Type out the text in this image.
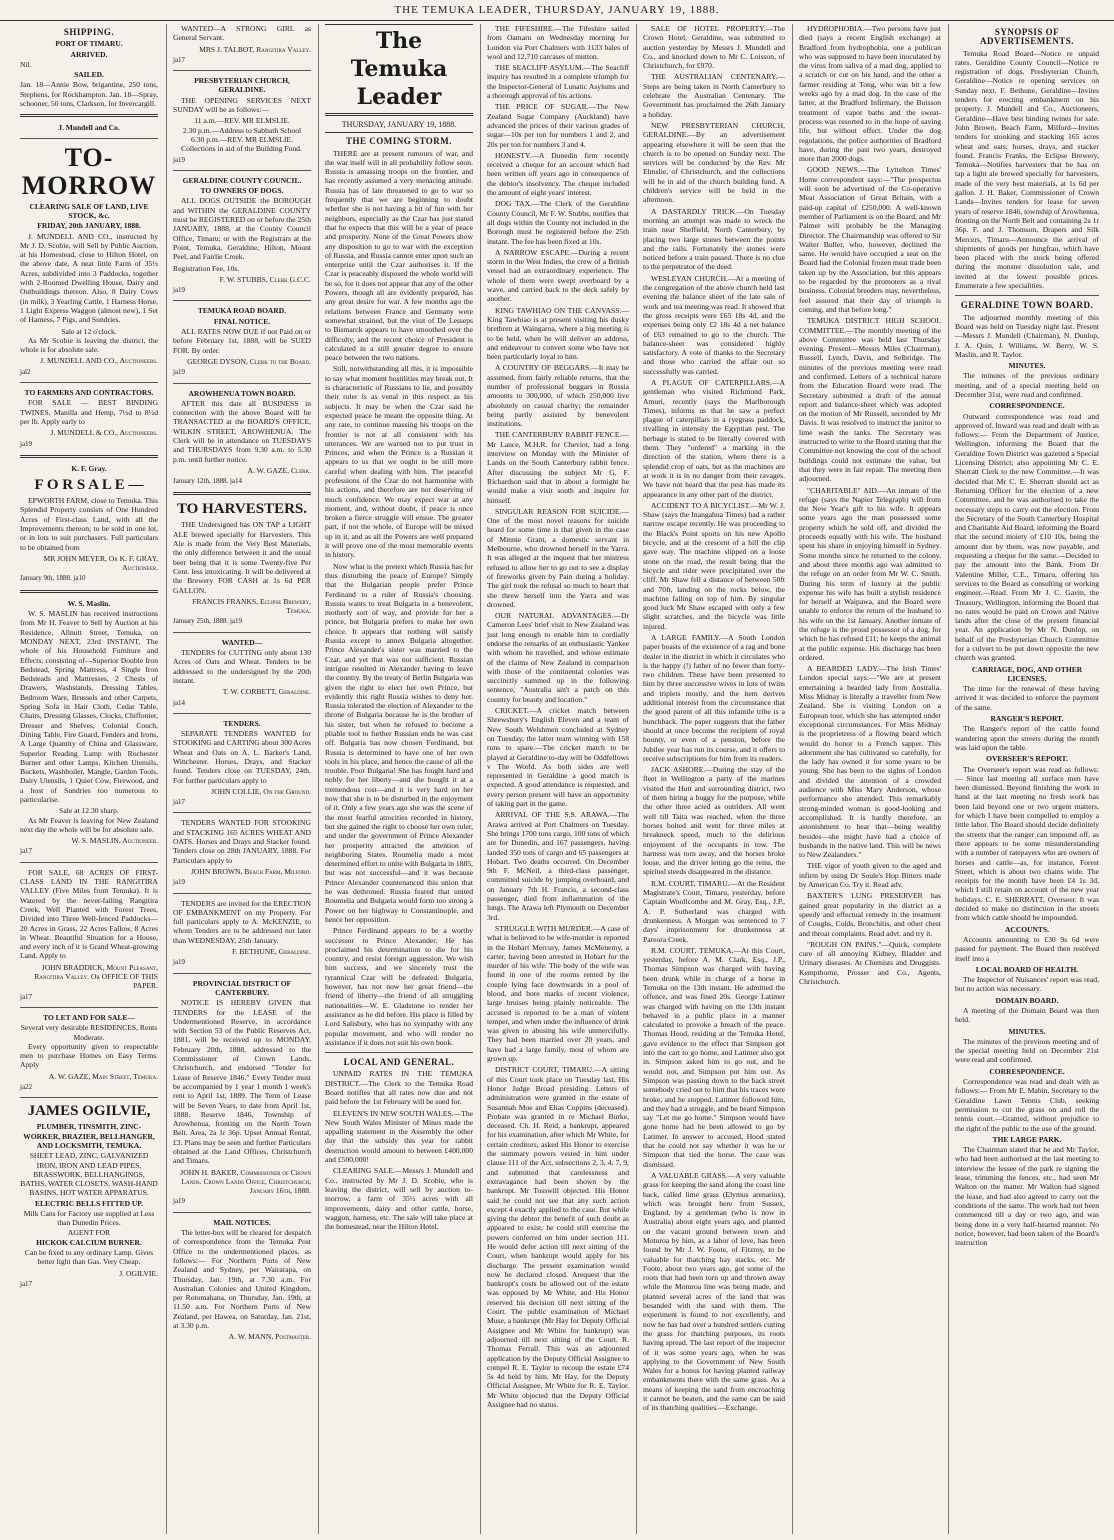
THE TEMUKA LEADER, THURSDAY, JANUARY 19, 1888.
SHIPPING.
PORT OF TIMARU.
ARRIVED.
Nil.
SAILED.
Jan. 18—Annie Bow, brigantine, 250 tons, Stephens, for Rockhampton. Jan. 18—Spray, schooner, 50 tons, Clarkson, for Invercargill.
J. Mundell and Co.
TO-MORROW
CLEARING SALE OF LAND, LIVE STOCK, &c.
FRIDAY, 20th JANUARY, 1888.

J. MUNDELL AND CO., instructed by Mr J. D. Scobie, will Sell by Public Auction, at his Homestead, close to Hilton Hotel, on the above date, A neat little Farm of 35½ Acres, subdivided into 3 Paddocks, together with 2-Roomed Dwelling House, Dairy and Outbuildings thereon. Also, 8 Dairy Cows (in milk), 3 Yearling Cattle, 1 Harness Horse, 1 Light Express Waggon (almost new), 1 Set of Harness, 7 Pigs, and Sundries.

Sale at 12 o'clock.

As Mr Scobie is leaving the district, the whole is for absolute sale.

J. MUNDELL AND CO., Auctioneers.
jal2
TO FARMERS AND CONTRACTORS.

FOR SALE — BEST BINDING TWINES, Manilla and Hemp, 7½d to 8½d per lb. Apply early to

J. MUNDELL & CO., Auctioneers.
ja19
K. F. Gray.
F O R S A L E —

EPWORTH FARM, close to Temuka. This Splendid Property consists of One Hundred Acres of First-class Land, with all the Improvements thereon; to be sold in one lot, or in lots to suit purchasers. Full particulars to be obtained from

MR JOHN MEYER, Or K. F. GRAY, Auctioneer.
January 9th, 1888. ja10
W. S. Maslin.

W. S. MASLIN has received instructions from Mr H. Feaver to Sell by Auction at his Residence, Allnutt Street, Temuka, on MONDAY NEXT, 23rd INSTANT, The whole of his Household Furniture and Effects, consisting of—Superior Double Iron Bedstead, Spring Mattress, 4 Single Iron Bedsteads and Mattresses, 2 Chests of Drawers, Washstands, Dressing Tables, Bedroom Ware, Brussels and other Carpets, Spring Sofa in Hair Cloth, Cedar Table, Chairs, Dressing Glasses, Clocks, Chiffonier, Dresser and Shelves, Colonial Couch, Dining Table, Fire Guard, Fenders and Irons, A Large Quantity of China and Glassware, Superior Reading Lamp with Rochester Burner and other Lamps, Kitchen Utensils, Buckets, Washboiler, Mangle, Garden Tools, Dairy Utensils, 1 Quiet Cow, Firewood, and a host of Sundries too numerous to particularise.

Sale at 12.30 sharp.

As Mr Feaver is leaving for New Zealand next day the whole will be for absolute sale.

W. S. MASLIN, Auctioneer.
ja17

FOR SALE, 68 ACRES OF FIRST-CLASS LAND IN THE RANGITIRA VALLEY (Five Miles from Temuka). It is Watered by the never-failing Rangitira Creek, Well Planted with Forest Trees, Divided into Three Well-fenced Paddocks—20 Acres in Grass, 22 Acres Fallow, 8 Acres in Wheat. Beautiful Situation for a House, and every inch of it is Grand Wheat-growing Land. Apply to

JOHN BRADDICK, Mount Pleasant, Rangitira Valley. Or OFFICE OF THIS PAPER.
ja17
TO LET AND FOR SALE—
Several very desirable RESIDENCES, Rents Moderate.

Every opportunity given to respectable men to purchase Homes on Easy Terms. Apply

A. W. GAZE, Main Street, Temuka.
ja22
JAMES OGILVIE,
PLUMBER, TINSMITH, ZINC-WORKER, BRAZIER, BELLHANGER, AND LOCKSMITH, TEMUKA.
SHEET LEAD, ZINC, GALVANIZED IRON, IRON AND LEAD PIPES, BRASSWORK, BELLHANGINGS, BATHS, WATER CLOSETS, WASH-HAND BASINS, HOT WATER APPARATUS.
ELECTRIC BELLS FITTED UP.
Milk Cans for Factory use supplied at Less than Dunedin Prices.
AGENT FOR
HICKOK CALCIUM BURNER.
Can be fixed to any ordinary Lamp. Gives better light than Gas. Very Cheap.
J. OGILVIE.
ja17

WANTED—A STRONG GIRL as General Servant.

MRS J. TALBOT, Rangitira Valley.
ja17
PRESBYTERIAN CHURCH, GERALDINE.

THE OPENING SERVICES NEXT SUNDAY will be as follows:—

11 a.m.—REV. MR ELMSLIE.
2.30 p.m.—Address to Sabbath School
6.30 p.m.—REV. MR ELMSLIE.

Collections in aid of the Building Fund.

ja19
GERALDINE COUNTY COUNCIL.
TO OWNERS OF DOGS.

ALL DOGS OUTSIDE the BOROUGH and WITHIN the GERALDINE COUNTY must be REGISTERED on or before the 25th JANUARY, 1888, at the County Council Office, Timaru; or with the Registrars at the Point, Temuka, Geraldine, Hilton, Mount Peel, and Fairlie Creek.

Registration Fee, 10s.
F. W. STUBBS, Clerk G.C.C.
ja19
TEMUKA ROAD BOARD.
FINAL NOTICE.

ALL RATES NOW DUE if not Paid on or before February 1st, 1888, will be SUED FOR. By order.

GEORGE DYSON, Clerk to the Board.
ja19
AROWHENUA TOWN BOARD.

AFTER this date all BUSINESS in connection with the above Board will be TRANSACTED at the BOARD'S OFFICE, WILKIN STREET, AROWHENUA. The Clerk will be in attendance on TUESDAYS and THURSDAYS from 9.30 a.m. to 5.30 p.m. until further notice.

A. W. GAZE, Clerk.
January 12th, 1888. ja14
TO HARVESTERS.

THE Undersigned has ON TAP a LIGHT ALE brewed specially for Harvesters. This Ale is made from the Very Best Materials, the only difference between it and the usual beer being that it is some Twenty-five Per Cent. less intoxicating. It will be delivered at the Brewery FOR CASH at 1s 6d PER GALLON.

FRANCIS FRANKS, Eclipse Brewery, Temuka.
January 25th, 1888. ja19
WANTED—

TENDERS for CUTTING only about 130 Acres of Oats and Wheat. Tenders to be addressed to the undersigned by the 20th instant.

T. W. CORBETT, Geraldine.
ja14
TENDERS.

SEPARATE TENDERS WANTED for STOOKING and CARTING about 300 Acres Wheat and Oats on A. L. Barker's Land, Winchester. Horses, Drays, and Stacker found. Tenders close on TUESDAY, 24th. For further particulars apply to

JOHN COLLIE, On the Ground.
ja17

TENDERS WANTED FOR STOOKING and STACKING 165 ACRES WHEAT AND OATS. Horses and Drays and Stacker found. Tenders close on 28th JANUARY, 1888. For Particulars apply to

JOHN BROWN, Beach Farm, Milford.
ja19

TENDERS are invited for the ERECTION OF EMBANKMENT on my Property. For full particulars apply to A. McKENZIE, to whom Tenders are to be addressed not later than WEDNESDAY, 25th January.

F. BETHUNE, Geraldine.
ja19
PROVINCIAL DISTRICT OF CANTERBURY.

NOTICE IS HEREBY GIVEN that TENDERS for the LEASE of the Undermentioned Reserve, in accordance with Section 53 of the Public Reserves Act, 1881, will be received up to MONDAY, February 20th, 1888, addressed to the Commissioner of Crown Lands, Christchurch, and endorsed "Tender for Lease of Reserve 1846." Every Tender must be accompanied by 1 year 1 month 1 week's rent to April 1st, 1889. The Term of Lease will be Seven Years, to date from April 1st, 1888. Reserve 1846, Township of Arowhenua, fronting on the North Town Belt. Area, 2a 1r 36p. Upset Annual Rental, £3. Plans may be seen and further Particulars obtained at the Land Offices, Christchurch and Timaru.

JOHN H. BAKER, Commissioner of Crown Lands. Crown Lands Office, Christchurch, January 16th, 1888.
ja19
MAIL NOTICES.

The letter-box will be cleared for despatch of correspondence from the Temuka Post Office to the undermentioned places, as follows:— For Northern Ports of New Zealand and Sydney, per Wairarapa, on Thursday, Jan. 19th, at 7.30 a.m. For Australian Colonies and United Kingdom, per Rotomahana, on Thursday, Jan. 19th, at 11.50 a.m. For Northern Ports of New Zealand, per Hawea, on Saturday, Jan. 21st, at 3.30 p.m.

A. W. MANN, Postmaster.
The Temuka Leader
THURSDAY, JANUARY 19, 1888.
THE COMING STORM.

THERE are at present rumours of war, and the war itself will in all probability follow soon. Russia is amassing troops on the frontier, and has recently assumed a very menacing attitude. Russia has of late threatened to go to war so frequently that we are beginning to doubt whether she is not having a bit of fun with her neighbors, especially as the Czar has just stated that he expects that this will be a year of peace and prosperity. None of the Great Powers show any disposition to go to war with the exception of Russia, and Russia cannot enter upon such an enterprise until the Czar authorises it. If the Czar is peaceably disposed the whole world will be so, for it does not appear that any of the other Powers, though all are evidently prepared, has any great desire for war. A few months ago the relations between France and Germany were somewhat strained, but the visit of De Lesseps to Bismarck appears to have smoothed over the difficulty, and the recent choice of President is calculated in a still greater degree to ensure peace between the two nations.

Still, notwithstanding all this, it is impossible to say what moment hostilities may break out. It is characteristic of Russians to lie, and possibly their ruler is as venal in this respect as his subjects. It may be when the Czar said he expected peace he meant the opposite thing. At any rate, to continue massing his troops on the frontier is not at all consistent with his utterances. We are warned not to put trust in Princes, and when the Prince is a Russian it appears to us that we ought to be still more careful when dealing with him. The peaceful professions of the Czar do not harmonise with his actions, and therefore are not deserving of much confidence. We may expect war at any moment, and, without doubt, if peace is once broken a fierce struggle will ensue. The greater part, if not the whole, of Europe will be mixed up in it, and as all the Powers are well prepared it will prove one of the most memorable events in history.

Now what is the pretext which Russia has for thus disturbing the peace of Europe? Simply that the Bulgarian people prefer Prince Ferdinand to a ruler of Russia's choosing. Russia wants to treat Bulgaria in a benevolent, motherly sort of way, and provide for her a prince, but Bulgaria prefers to make her own choice. It appears that nothing will satisfy Russia except to annex Bulgaria altogether. Prince Alexander's sister was married to the Czar, and yet that was not sufficient. Russian intrigue resulted in Alexander having to leave the country. By the treaty of Berlin Bulgaria was given the right to elect her own Prince, but evidently this right Russia wishes to deny her. Russia tolerated the election of Alexander to the throne of Bulgaria because he is the brother of his sister, but when he refused to become a pliable tool to further Russian ends he was cast off. Bulgaria has now chosen Ferdinand, but Russia is determined to have one of her own tools in his place, and hence the cause of all the trouble. Poor Bulgaria! She has fought hard and nobly for her liberty—and she bought it at a tremendous cost—and it is very hard on her now that she is to be disturbed in the enjoyment of it. Only a few years ago she was the scene of the most fearful atrocities recorded in history, but she gained the right to choose her own ruler, and under the government of Prince Alexander her prosperity attracted the attention of neighboring States. Roumelia made a most determined effort to unite with Bulgaria in 1885, but was not successful—and it was because Prince Alexander countenanced this union that he was dethroned. Russia feared that united Roumelia and Bulgaria would form too strong a Power on her highway to Constantinople, and hence her opposition.

Prince Ferdinand appears to be a worthy successor to Prince Alexander. He has proclaimed his determination to die for his country, and resist foreign aggression. We wish him success, and we sincerely trust the tyrannical Czar will be defeated. Bulgaria, however, has not now her great friend—the friend of liberty—the friend of all struggling nationalities—W. E. Gladstone to render her assistance as he did before. His place is filled by Lord Salisbury, who has no sympathy with any popular movement, and who will render no assistance if it does not suit his own book.

LOCAL AND GENERAL.

UNPAID RATES IN THE TEMUKA DISTRICT.—The Clerk to the Temuka Road Board notifies that all rates now due and not paid before the 1st February will be sued for.

ELEVEN'S IN NEW SOUTH WALES.—The New South Wales Minister of Mines made the appalling statement in the Assembly the other day that the subsidy this year for rabbit destruction would amount to between £400,000 and £500,000!

CLEARING SALE.—Messrs J. Mundell and Co., instructed by Mr J. D. Scobie, who is leaving the district, will sell by auction to-morrow, a farm of 35½ acres with all improvements, dairy and other cattle, horse, waggon, harness, etc. The sale will take place at the homestead, near the Hilton Hotel.

THE FIFESHIRE.—The Fifeshire sailed from Oamaru on Wednesday morning for London via Port Chalmers with 1133 bales of wool and 12,710 carcases of mutton.

THE SEACLIFF ASYLUM.—The Seacliff inquiry has resulted in a complete triumph for the Inspector-General of Lunatic Asylums and a thorough approval of his actions.

THE PRICE OF SUGAR.—The New Zealand Sugar Company (Auckland) have advanced the prices of their various grades of sugar—10s per ton for numbers 1 and 2, and 20s per ton for numbers 3 and 4.

HONESTY.—A Dunedin firm recently received a cheque for an account which had been written off years ago in consequence of the debtor's insolvency. The cheque included the amount of eight years' interest.

DOG TAX.—The Clerk of the Geraldine County Council, Mr F. W. Stubbs, notifies that all dogs within the County not included in the Borough must be registered before the 25th instant. The fee has been fixed at 10s.

A NARROW ESCAPE.—During a recent storm in the West Indies, the crew of a British vessel had an extraordinary experience. The whole of them were swept overboard by a wave, and carried back to the deck safely by another.

KING TAWHIAO ON THE CANVASS.—King Tawhiao is at present visiting his dusky brethren at Waingaroa, where a big meeting is to be held, when he will deliver an address, and endeavour to convert some who have not been particularly loyal to him.

A COUNTRY OF BEGGARS.—It may be assumed, from fairly reliable returns, that the number of professional beggars in Russia amounts to 300,000, of which 250,000 live absolutely on casual charity; the remainder being partly assisted by benevolent institutions.

THE CANTERBURY RABBIT FENCE.—Mr Lance, M.H.R. for Cheviot, had a long interview on Monday with the Minister of Lands on the South Canterbury rabbit fence. After discussing the subject Mr G. F. Richardson said that in about a fortnight he would make a visit south and inquire for himself.

SINGULAR REASON FOR SUICIDE.—One of the most novel reasons for suicide heard for some time is that given in the case of Minnie Grant, a domestic servant in Melbourne, who drowned herself in the Yarra. It was alleged at the inquest that her mistress refused to allow her to go out to see a display of fireworks given by Pain during a holiday. The girl took the refusal so much to heart that she threw herself into the Yarra and was drowned.

OUR NATURAL ADVANTAGES.—Dr Cameron Lees' brief visit to New Zealand was just long enough to enable him to cordially endorse the remarks of an enthusiastic Yankee with whom he travelled, and whose estimate of the claims of New Zealand in comparison with those of the continental colonies was succinctly summed up in the following sentence, "Australia ain't a patch on this country for beauty and location."

CRICKET.—A cricket match between Shrewsbury's English Eleven and a team of New South Welshmen concluded at Sydney on Tuesday, the latter team winning with 158 runs to spare.—The cricket match to be played at Geraldine to-day will be Oddfellows v The World. As both sides are well represented in Geraldine a good match is expected. A good attendance is requested, and every person present will have an opportunity of taking part in the game.

ARRIVAL OF THE S.S. ARAWA.—The Arawa arrived at Port Chalmers on Tuesday. She brings 1700 tons cargo, 100 tons of which are for Dunedin, and 167 passengers, having landed 350 tons of cargo and 65 passengers at Hobart. Two deaths occurred. On December 9th F. McNeil, a third-class passenger, committed suicide by jumping overboard, and on January 7th H. Francis, a second-class passenger, died from inflammation of the lungs. The Arawa left Plymouth on December 3rd.

STRUGGLE WITH MURDER.—A case of what is believed to be wife-murder is reported in the Hobart Mercury. James McMenemy, a carter, having been arrested in Hobart for the murder of his wife. The body of the wife was found in one of the rooms rented by the couple lying face downwards in a pool of blood, and bore marks of recent violence, large bruises being plainly noticeable. The accused is reported to be a man of violent temper, and when under the influence of drink was given to abusing his wife unmercifully. They had been married over 20 years, and have had a large family, most of whom are grown up.

DISTRICT COURT, TIMARU.—A sitting of this Court took place on Tuesday last, His Honor Judge Broad presiding. Letters of administration were granted in the estate of Susannah Moe and Elias Coppins (deceased). Probate was granted in re Michael Burke, deceased. Ch. H. Reid, a bankrupt, appeared for his examination, after which Mr White, for certain creditors, asked His Honor to exercise the summary powers vested in him under clause 111 of the Act, subsections 2, 3, 4, 7, 9, and submitted that carelessness and extravagance had been shown by the bankrupt. Mr Tosswill objected. His Honor said he could not see that any such action except 4 exactly applied to the case. But while giving the debtor the benefit of such doubt as appeared to exist, he could still exercise the powers conferred on him under section 111. He would defer action till next sitting of the Court, when bankrupt would apply for his discharge. The present examination would now be declared closed. Arequest that the bankrupt's costs be allowed out of the estate was opposed by Mr White, and His Honor reserved his decision till next sitting of the Court. The public examination of Michael Muse, a bankrupt (Mr Hay for Deputy Official Assignee and Mr White for bankrupt) was adjourned till next sitting of the Court. R. Thomas Ferrall. This was an adjourned application by the Deputy Official Assignee to compel R. E. Taylor to recoup the estate £74 5s 4d held by him. Mr Hay, for the Deputy Official Assignee, Mr White for R. E. Taylor. Mr White objected that the Deputy Official Assignee had no status.

SALE OF HOTEL PROPERTY.—The Crown Hotel, Geraldine, was submitted to auction yesterday by Messrs J. Mundell and Co., and knocked down to Mr C. Loisson, of Christchurch, for £970.

THE AUSTRALIAN CENTENARY.—Steps are being taken in North Canterbury to celebrate the Australian Centenary. The Government has proclaimed the 26th January a holiday.

NEW PRESBYTERIAN CHURCH, GERALDINE.—By an advertisement appearing elsewhere it will be seen that the church is to be opened on Sunday next. The services will be conducted by the Rev. Mr Elmslie, of Christchurch, and the collections will be in aid of the church building fund. A children's service will be held in the afternoon.

A DASTARDLY TRICK.—On Tuesday morning an attempt was made to wreck the train near Sheffield, North Canterbury, by placing two large stones between the points and the rails. Fortunately the stones were noticed before a train passed. There is no clue to the perpetrator of the deed.

WESLEYAN CHURCH.—At a meeting of the congregation of the above church held last evening the balance sheet of the late sale of work and tea meeting was read. It showed that the gross receipts were £65 18s 4d, and the expenses being only £2 18s 4d a net balance of £63 remained to go to the church. The balance-sheet was considered highly satisfactory. A vote of thanks to the Secretary and those who carried the affair out so successfully was carried.

A PLAGUE OF CATERPILLARS.—A gentleman who visited Richmond Park, Amuri, recently (says the Marlborough Times), informs us that he saw a perfect plague of caterpillars in a ryegrass paddock, rivalling in intensity the Egyptian pest. The herbage is stated to be literally covered with them. They "ordered" a marking in the direction of the station, where there is a splendid crop of oats, but as the machines are at work it is in no danger from their ravages. We have not heard that the pest has made its appearance in any other part of the district.

ACCIDENT TO A BICYCLIST.—Mr W. J. Shaw (says the Inangahua Times) had a rather narrow escape recently. He was proceeding to the Black's Point sports on his new Apollo bicycle, and at the crescent of a hill the clip gave way. The machine slipped on a loose stone on the road, the result being that the bicycle and rider were precipitated over the cliff. Mr Shaw fell a distance of between 50ft and 70ft, landing on the rocks below, the machine falling on top of him. By singular good luck Mr Shaw escaped with only a few slight scratches, and the bicycle was little injured.

A LARGE FAMILY.—A South London paper boasts of the existence of a rag and bone dealer in the district in which it circulates who is the happy (!) father of no fewer than forty-two children. These have been presented to him by three successive wives in lots of twins and triplets mostly, and the item derives additional interest from the circumstance that the good parent of all this infantile tribe is a hunchback. The paper suggests that the father should at once become the recipient of royal bounty, or even of a pension, before the Jubilee year has run its course, and it offers to receive subscriptions for him from its readers.

JACK ASHORE.—During the stay of the fleet in Wellington a party of the marines visited the Hutt and surrounding district, two of them hiring a buggy for the purpose, while the other three acted as outriders. All went well till Taita was reached, when the three horses bolted and went for three miles at breakneck speed, much to the delirious enjoyment of the occupants in tow. The harness was torn away, and the horses broke loose, and the driver letting go the reins, the spirited steeds disappeared in the distance.

R.M. COURT, TIMARU.—At the Resident Magistrate's Court, Timaru, yesterday, before Captain Woollcombe and M. Gray, Esq., J.P., A. P. Sutherland was charged with drunkenness. A Morgan was sentenced to 7 days' imprisonment for drunkenness at Pareora Creek.

R.M. COURT, TEMUKA.—At this Court, yesterday, before A. M. Clark, Esq., J.P., Thomas Simpson was charged with having been drunk while in charge of a horse in Temuka on the 13th instant. He admitted the offence, and was fined 20s. George Latimer was charged with having on the 13th instant behaved in a public place in a manner calculated to provoke a breach of the peace. Thomas Hood, residing at the Temuka Hotel, gave evidence to the effect that Simpson got into the cart to go home, and Latimer also got in. Simpson asked him to go out, and he would not, and Simpson put him out. As Simpson was passing down to the back street somebody cried out to him that his traces were broke, and he stopped. Latimer followed him, and they had a struggle, and he heard Simpson say "Let me go home." Simpson would have gone home had he been allowed to go by Latimer. In answer to accused, Hood stated that he could not say whether it was he or Simpson that tied the horse. The case was dismissed.

A VALUABLE GRASS.—A very valuable grass for keeping the sand along the coast line back, called lime grass (Elymus arenarius), which was brought here from Sussex, England, by a gentleman (who is now in Australia) about eight years ago, and planted on the vacant ground between town and Moturoa by him, as a labor of love, has been found by Mr J. W. Foote, of Fitzroy, to be valuable for thatching hay stacks, etc. Mr Foote, about two years ago, got some of the roots that had been torn up and thrown away while the Moturoa line was being made, and planted several acres of the land that was besanded with the sand with them. The experiment is found to not excellently, and now he has had over a hundred settlers cutting the grass for thatching purposes, its roots having spread. The last report of the inspector of it was some years ago, when he was applying to the Government of New South Wales for a bonus for having planted railway embankments there with the same grass. As a means of keeping the sand from encroaching it cannot be beaten, and the same can be said of its thatching qualities.—Exchange.

HYDROPHOBIA.—Two persons have just died (says a recent English exchange) at Bradford from hydrophobia, one a publican who was supposed to have been inoculated by the virus from saliva of a mad dog, applied to a scratch or cut on his hand, and the other a farmer residing at Tong, who was bit a few weeks ago by a mad dog. In the case of the latter, at the Bradford Infirmary, the Buisson treatment of vapor baths and the sweat-process was resorted to in the hope of saving life, but without effect. Under the dog regulations, the police authorities of Bradford have, during the past two years, destroyed more than 2000 dogs.

GOOD NEWS.—The Lyttelton Times' Home correspondent says:—"The prospectus will soon be advertised of the Co-operative Meat Association of Great Britain, with a paid-up capital of £250,000. A well-known member of Parliament is on the Board, and Mr Palmer will probably be the Managing Director. The Chairmanship was offered to Sir Walter Buller, who, however, declined the same. He would have occupied a seat on the Board had the Colonial frozen meat trade been taken up by the Association, but this appears to be regarded by the promoters as a rival business. Colonial breeders may, nevertheless, feel assured that their day of triumph is coming, and that before long."

TEMUKA DISTRICT HIGH SCHOOL COMMITTEE.—The monthly meeting of the above Committee was held last Thursday evening. Present—Messrs Miles (Chairman), Russell, Lynch, Davis, and Selbridge. The minutes of the previous meeting were read and confirmed. Letters of a technical nature from the Education Board were read. The Secretary submitted a draft of the annual report and balance-sheet which was adopted on the motion of Mr Russell, seconded by Mr Davis. It was resolved to instruct the janitor to lime wash the tanks. The Secretary was instructed to write to the Board stating that the Committee not knowing the cost of the school buildings could not estimate the value, but that they were in fair repair. The meeting then adjourned.

"CHARITABLE" AID.—An inmate of the refuge (says the Napier Telegraph) will from the New Year's gift to his wife. It appears some years ago the man possessed some property which he sold off, and divided the proceeds equally with his wife. The husband spent his share in enjoying himself in Sydney. Some months since he returned to the colony, and about three months ago was admitted to the refuge on an order from Mr W. C. Smith. During his term of luxury at the public expense his wife has built a stylish residence for herself at Waipawa, and the Board were unable to enforce the return of the husband to his wife on the 1st January. Another inmate of the refuge is the proud possessor of a dog, for which he has refused £11; he keeps the animal at the public expense. His discharge has been ordered.

A BEARDED LADY.—The Irish Times' London special says:—"We are at present entertaining a bearded lady from Australia. Miss Midnay is literally a traveller from New Zealand. She is visiting London on a European tour, which she has attempted under exceptional circumstances. For Miss Midnay is the proprietress of a flowing beard which would do honor to a French sapper. This adornment she has cultivated so carefully, for the lady has owned it for some years to be young. She has been to the sights of London and divided the attention of a crowded audience with Miss Mary Anderson, whose performance she attended. This remarkably strong-minded woman is good-looking and accomplished. It is hardly therefore, an astonishment to hear that—being wealthy besides—she might have had a choice of husbands in the native land. This will be news to New Zealanders."

THE vigor of youth given to the aged and infirm by using Dr Soule's Hop Bitters made by American Co. Try it. Read adv.

BAXTER'S LUNG PRESERVER has gained great popularity in the district as a speedy and effectual remedy in the treatment of Coughs, Colds, Bronchitis, and other chest and throat complaints. Read advt. and try it.

"ROUGH ON PAINS."—Quick, complete cure of all annoying Kidney, Bladder and Urinary diseases. At Chemists and Druggists. Kempthorne, Prosser and Co., Agents, Christchurch.

SYNOPSIS OF ADVERTISEMENTS.

Temuka Road Board—Notice re unpaid rates. Geraldine County Council—Notice re registration of dogs. Presbyterian Church, Geraldine—Notice re opening services on Sunday next. F. Bethune, Geraldine—Invites tenders for erecting embankment on his property. J. Mundell and Co., Auctioneers, Geraldine—Have best binding twines for sale. John Brown, Beach Farm, Milford—Invites tenders for stooking and stacking 165 acres wheat and oats; horses, drays, and stacker found. Francis Franks, the Eclipse Brewery, Temuka—Notifies harvesters that he has on tap a light ale brewed specially for harvesters, made of the very best materials, at 1s 6d per gallon. J. H. Baker, Commissioner of Crown Lands—Invites tenders for lease for seven years of reserve 1846, township of Arowhenua, fronting on the North Belt and containing 2a 1r 36p. F. and J. Thomson, Drapers and Silk Mercers, Timaru—Announce the arrival of shipments of goods per Jungfrau, which have been placed with the stock being offered during the monster dissolution sale, and invited at the lowest possible prices. Enumerate a few specialities.

GERALDINE TOWN BOARD.

The adjourned monthly meeting of this Board was held on Tuesday night last. Present—Messrs J. Mundell (Chairman), N. Dunlop, J. A. Quin, J. Williams, W. Berry, W. S. Maslin, and R. Taylor.

MINUTES.

The minutes of the previous ordinary meeting, and of a special meeting held on December 31st, were read and confirmed.

CORRESPONDENCE.

Outward correspondence was read and approved of. Inward was read and dealt with as follows:— From the Department of Justice, Wellington, informing the Board that the Geraldine Town District was gazetted a Special Licensing District; also appointing Mr C. E. Sherratt Clerk to the new Committee.—It was decided that Mr C. E. Sherratt should act as Returning Officer for the election of a new Committee, and he was authorised to take the necessary steps to carry out the election. From the Secretary of the South Canterbury Hospital and Charitable Aid Board, informing the Board that the second moiety of £10 10s, being the amount due by them, was now payable, and requesting a cheque for the same.—Decided to pay the amount into the Bank. From Dr Valentine Miller, C.E., Timaru, offering his services to the Board as consulting or working engineer.—Read. From Mr J. C. Gavin, the Treasury, Wellington, informing the Board that no rates would be paid on Crown and Native lands after the close of the present financial year. An application by Mr N. Dunlop, on behalf of the Presbyterian Church Committee for a culvert to be put down opposite the new church was granted.

CARRIAGE, DOG, AND OTHER LICENSES.

The time for the renewal of these having arrived it was decided to enforce the payment of the same.

RANGER'S REPORT.

The Ranger's report of the cattle found wandering upon the streets during the month was laid upon the table.

OVERSEER'S REPORT.

The Overseer's report was read as follows:— Since last meeting all surface men have been dismissed. Beyond finishing the work in hand at the last meeting no fresh work has been laid beyond one or two urgent matters, for which I have been compelled to employ a little labor. The Board should decide definitely the streets that the ranger can impound off, as there appears to be some misunderstanding with a number of ratepayers who are owners of horses and cattle—as, for instance, Forest Street, which is about two chains wide. The receipts for the month have been £4 1s 3d, which I still retain on account of the new year holidays. C. E. SHERRATT, Overseer. It was decided to make no distinction in the streets from which cattle should be impounded.

ACCOUNTS.

Accounts amounting to £30 9s 6d were passed for payment. The Board then resolved itself into a

LOCAL BOARD OF HEALTH.

The Inspector of Nuisances' report was read, but no action was necessary.

DOMAIN BOARD.

A meeting of the Domain Board was then held.

MINUTES.

The minutes of the previous meeting and of the special meeting held on December 21st were read and confirmed.

CORRESPONDENCE.

Correspondence was read and dealt with as follows:— From Mr E. Mabin, Secretary to the Geraldine Lawn Tennis Club, seeking permission to cut the grass on and roll the tennis court.—Granted, without prejudice to the right of the public to the use of the ground.

THE LARGE PARK.

The Chairman stated that he and Mr Taylor, who had been authorised at the last meeting to interview the lessee of the park re signing the lease, trimming the fences, etc., had seen Mr Walton on the matter. Mr Walton had signed the lease, and had also agreed to carry out the conditions of the same. The work had not been commenced till a day or two ago, and was being done in a very half-hearted manner. No notice, however, had been taken of the Board's instruction
